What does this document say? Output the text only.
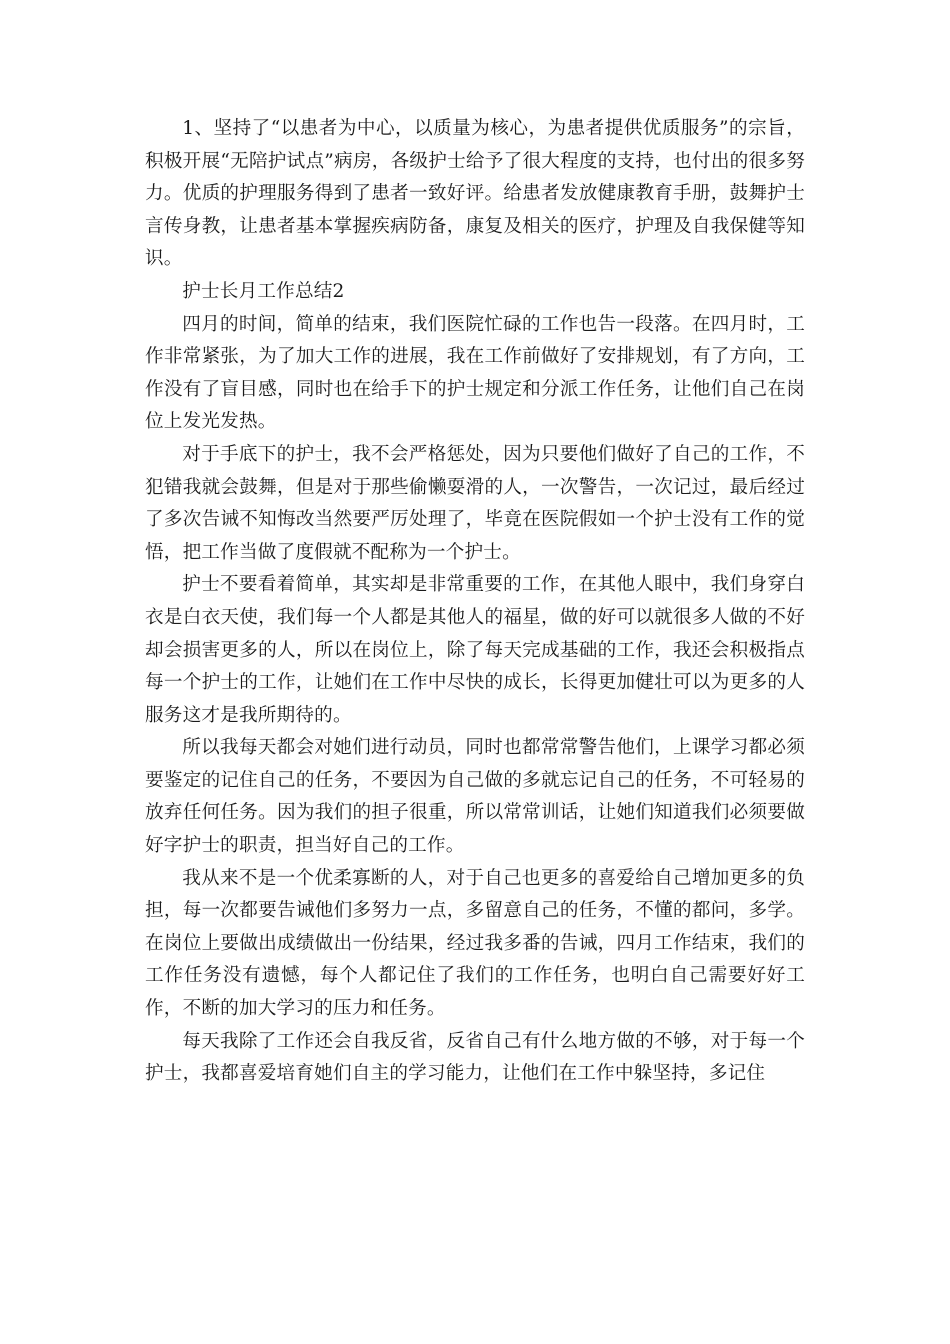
1、坚持了“以患者为中心，以质量为核心，为患者提供优质服务”的宗旨，积极开展“无陪护试点”病房，各级护士给予了很大程度的支持，也付出的很多努力。优质的护理服务得到了患者一致好评。给患者发放健康教育手册，鼓舞护士言传身教，让患者基本掌握疾病防备，康复及相关的医疗，护理及自我保健等知识。

护士长月工作总结2

四月的时间，简单的结束，我们医院忙碌的工作也告一段落。在四月时，工作非常紧张，为了加大工作的进展，我在工作前做好了安排规划，有了方向，工作没有了盲目感，同时也在给手下的护士规定和分派工作任务，让他们自己在岗位上发光发热。

对于手底下的护士，我不会严格惩处，因为只要他们做好了自己的工作，不犯错我就会鼓舞，但是对于那些偷懒耍滑的人，一次警告，一次记过，最后经过了多次告诫不知悔改当然要严厉处理了，毕竟在医院假如一个护士没有工作的觉悟，把工作当做了度假就不配称为一个护士。

护士不要看着简单，其实却是非常重要的工作，在其他人眼中，我们身穿白衣是白衣天使，我们每一个人都是其他人的福星，做的好可以就很多人做的不好却会损害更多的人，所以在岗位上，除了每天完成基础的工作，我还会积极指点每一个护士的工作，让她们在工作中尽快的成长，长得更加健壮可以为更多的人服务这才是我所期待的。

所以我每天都会对她们进行动员，同时也都常常警告他们，上课学习都必须要鉴定的记住自己的任务，不要因为自己做的多就忘记自己的任务，不可轻易的放弃任何任务。因为我们的担子很重，所以常常训话，让她们知道我们必须要做好字护士的职责，担当好自己的工作。

我从来不是一个优柔寡断的人，对于自己也更多的喜爱给自己增加更多的负担，每一次都要告诫他们多努力一点，多留意自己的任务，不懂的都问，多学。在岗位上要做出成绩做出一份结果，经过我多番的告诫，四月工作结束，我们的工作任务没有遗憾，每个人都记住了我们的工作任务，也明白自己需要好好工作，不断的加大学习的压力和任务。

每天我除了工作还会自我反省，反省自己有什么地方做的不够，对于每一个护士，我都喜爱培育她们自主的学习能力，让他们在工作中躲坚持，多记住
